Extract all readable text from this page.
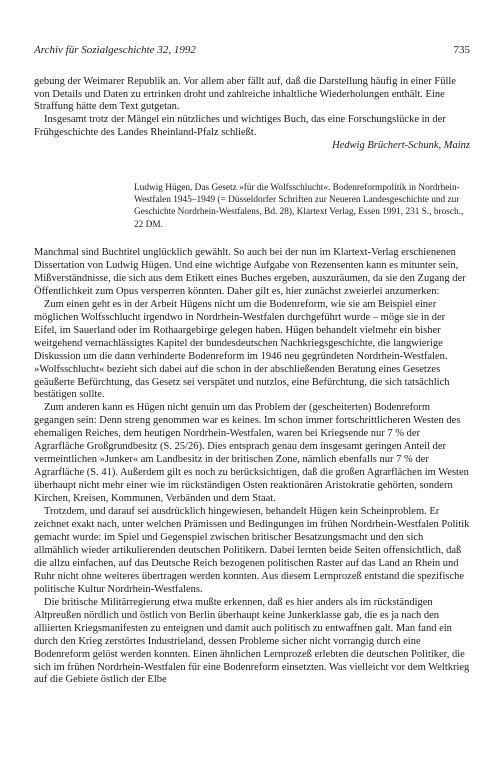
Archiv für Sozialgeschichte 32, 1992	735

gebung der Weimarer Republik an. Vor allem aber fällt auf, daß die Darstellung häufig in einer Fülle von Details und Daten zu ertrinken droht und zahlreiche inhaltliche Wiederholungen enthält. Eine Straffung hätte dem Text gutgetan.

Insgesamt trotz der Mängel ein nützliches und wichtiges Buch, das eine Forschungslücke in der Frühgeschichte des Landes Rheinland-Pfalz schließt.

Hedwig Brüchert-Schunk, Mainz

Ludwig Hügen, Das Gesetz »für die Wolfsschlucht«. Bodenreformpolitik in Nordrhein-Westfalen 1945–1949 (= Düsseldorfer Schriften zur Neueren Landesgeschichte und zur Geschichte Nordrhein-Westfalens, Bd. 28), Klartext Verlag, Essen 1991, 231 S., brosch., 22 DM.

Manchmal sind Buchtitel unglücklich gewählt. So auch bei der nun im Klartext-Verlag erschienenen Dissertation von Ludwig Hügen. Und eine wichtige Aufgabe von Rezensenten kann es mitunter sein, Mißverständnisse, die sich aus dem Etikett eines Buches ergeben, auszuräumen, da sie den Zugang der Öffentlichkeit zum Opus versperren könnten. Daher gilt es, hier zunächst zweierlei anzumerken:

Zum einen geht es in der Arbeit Hügens nicht um die Bodenreform, wie sie am Beispiel einer möglichen Wolfsschlucht irgendwo in Nordrhein-Westfalen durchgeführt wurde – möge sie in der Eifel, im Sauerland oder im Rothaargebirge gelegen haben. Hügen behandelt vielmehr ein bisher weitgehend vernachlässigtes Kapitel der bundesdeutschen Nachkriegsgeschichte, die langwierige Diskussion um die dann verhinderte Bodenreform im 1946 neu gegründeten Nordrhein-Westfalen. »Wolfsschlucht« bezieht sich dabei auf die schon in der abschließenden Beratung eines Gesetzes geäußerte Befürchtung, das Gesetz sei verspätet und nutzlos, eine Befürchtung, die sich tatsächlich bestätigen sollte.

Zum anderen kann es Hügen nicht genuin um das Problem der (gescheiterten) Bodenreform gegangen sein: Denn streng genommen war es keines. Im schon immer fortschrittlicheren Westen des ehemaligen Reiches, dem heutigen Nordrhein-Westfalen, waren bei Kriegsende nur 7 % der Agrarfläche Großgrundbesitz (S. 25/26). Dies entsprach genau dem insgesamt geringen Anteil der vermeintlichen »Junker« am Landbesitz in der britischen Zone, nämlich ebenfalls nur 7 % der Agrarfläche (S. 41). Außerdem gilt es noch zu berücksichtigen, daß die großen Agrarflächen im Westen überhaupt nicht mehr einer wie im rückständigen Osten reaktionären Aristokratie gehörten, sondern Kirchen, Kreisen, Kommunen, Verbänden und dem Staat.

Trotzdem, und darauf sei ausdrücklich hingewiesen, behandelt Hügen kein Scheinproblem. Er zeichnet exakt nach, unter welchen Prämissen und Bedingungen im frühen Nordrhein-Westfalen Politik gemacht wurde: im Spiel und Gegenspiel zwischen britischer Besatzungsmacht und den sich allmählich wieder artikulierenden deutschen Politikern. Dabei lernten beide Seiten offensichtlich, daß die allzu einfachen, auf das Deutsche Reich bezogenen politischen Raster auf das Land an Rhein und Ruhr nicht ohne weiteres übertragen werden konnten. Aus diesem Lernprozeß entstand die spezifische politische Kultur Nordrhein-Westfalens.

Die britische Militärregierung etwa mußte erkennen, daß es hier anders als im rückständigen Altpreußen nördlich und östlich von Berlin überhaupt keine Junkerklasse gab, die es ja nach den alliierten Kriegsmanifesten zu enteignen und damit auch politisch zu entwaffnen galt. Man fand ein durch den Krieg zerstörtes Industrieland, dessen Probleme sicher nicht vorrangig durch eine Bodenreform gelöst werden konnten. Einen ähnlichen Lernprozeß erlebten die deutschen Politiker, die sich im frühen Nordrhein-Westfalen für eine Bodenreform einsetzten. Was vielleicht vor dem Weltkrieg auf die Gebiete östlich der Elbe
